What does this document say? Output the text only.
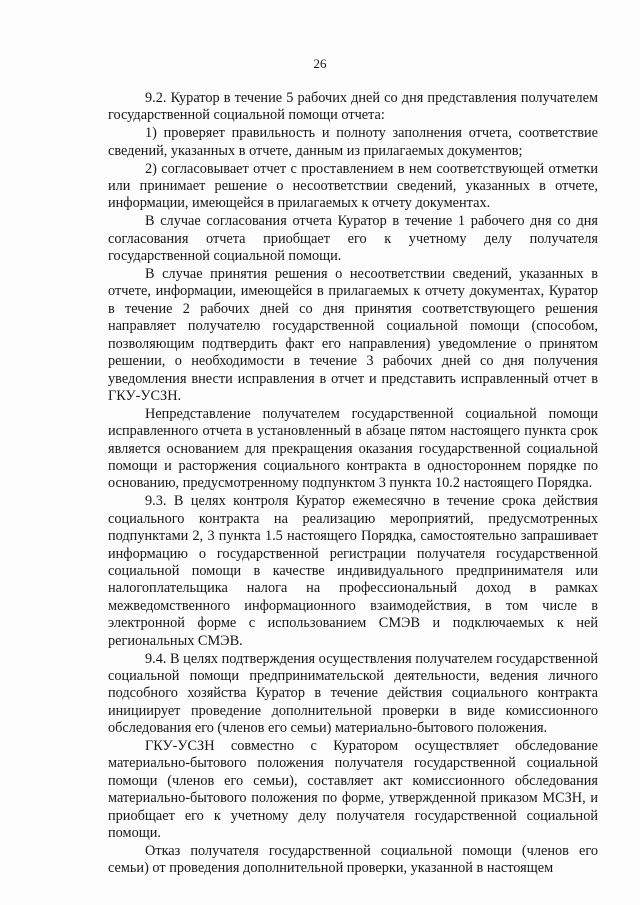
26

9.2. Куратор в течение 5 рабочих дней со дня представления получателем государственной социальной помощи отчета:

1) проверяет правильность и полноту заполнения отчета, соответствие сведений, указанных в отчете, данным из прилагаемых документов;

2) согласовывает отчет с проставлением в нем соответствующей отметки или принимает решение о несоответствии сведений, указанных в отчете, информации, имеющейся в прилагаемых к отчету документах.

В случае согласования отчета Куратор в течение 1 рабочего дня со дня согласования отчета приобщает его к учетному делу получателя государственной социальной помощи.

В случае принятия решения о несоответствии сведений, указанных в отчете, информации, имеющейся в прилагаемых к отчету документах, Куратор в течение 2 рабочих дней со дня принятия соответствующего решения направляет получателю государственной социальной помощи (способом, позволяющим подтвердить факт его направления) уведомление о принятом решении, о необходимости в течение 3 рабочих дней со дня получения уведомления внести исправления в отчет и представить исправленный отчет в ГКУ-УСЗН.

Непредставление получателем государственной социальной помощи исправленного отчета в установленный в абзаце пятом настоящего пункта срок является основанием для прекращения оказания государственной социальной помощи и расторжения социального контракта в одностороннем порядке по основанию, предусмотренному подпунктом 3 пункта 10.2 настоящего Порядка.

9.3. В целях контроля Куратор ежемесячно в течение срока действия социального контракта на реализацию мероприятий, предусмотренных подпунктами 2, 3 пункта 1.5 настоящего Порядка, самостоятельно запрашивает информацию о государственной регистрации получателя государственной социальной помощи в качестве индивидуального предпринимателя или налогоплательщика налога на профессиональный доход в рамках межведомственного информационного взаимодействия, в том числе в электронной форме с использованием СМЭВ и подключаемых к ней региональных СМЭВ.

9.4. В целях подтверждения осуществления получателем государственной социальной помощи предпринимательской деятельности, ведения личного подсобного хозяйства Куратор в течение действия социального контракта инициирует проведение дополнительной проверки в виде комиссионного обследования его (членов его семьи) материально-бытового положения.

ГКУ-УСЗН совместно с Куратором осуществляет обследование материально-бытового положения получателя государственной социальной помощи (членов его семьи), составляет акт комиссионного обследования материально-бытового положения по форме, утвержденной приказом МСЗН, и приобщает его к учетному делу получателя государственной социальной помощи.

Отказ получателя государственной социальной помощи (членов его семьи) от проведения дополнительной проверки, указанной в настоящем
